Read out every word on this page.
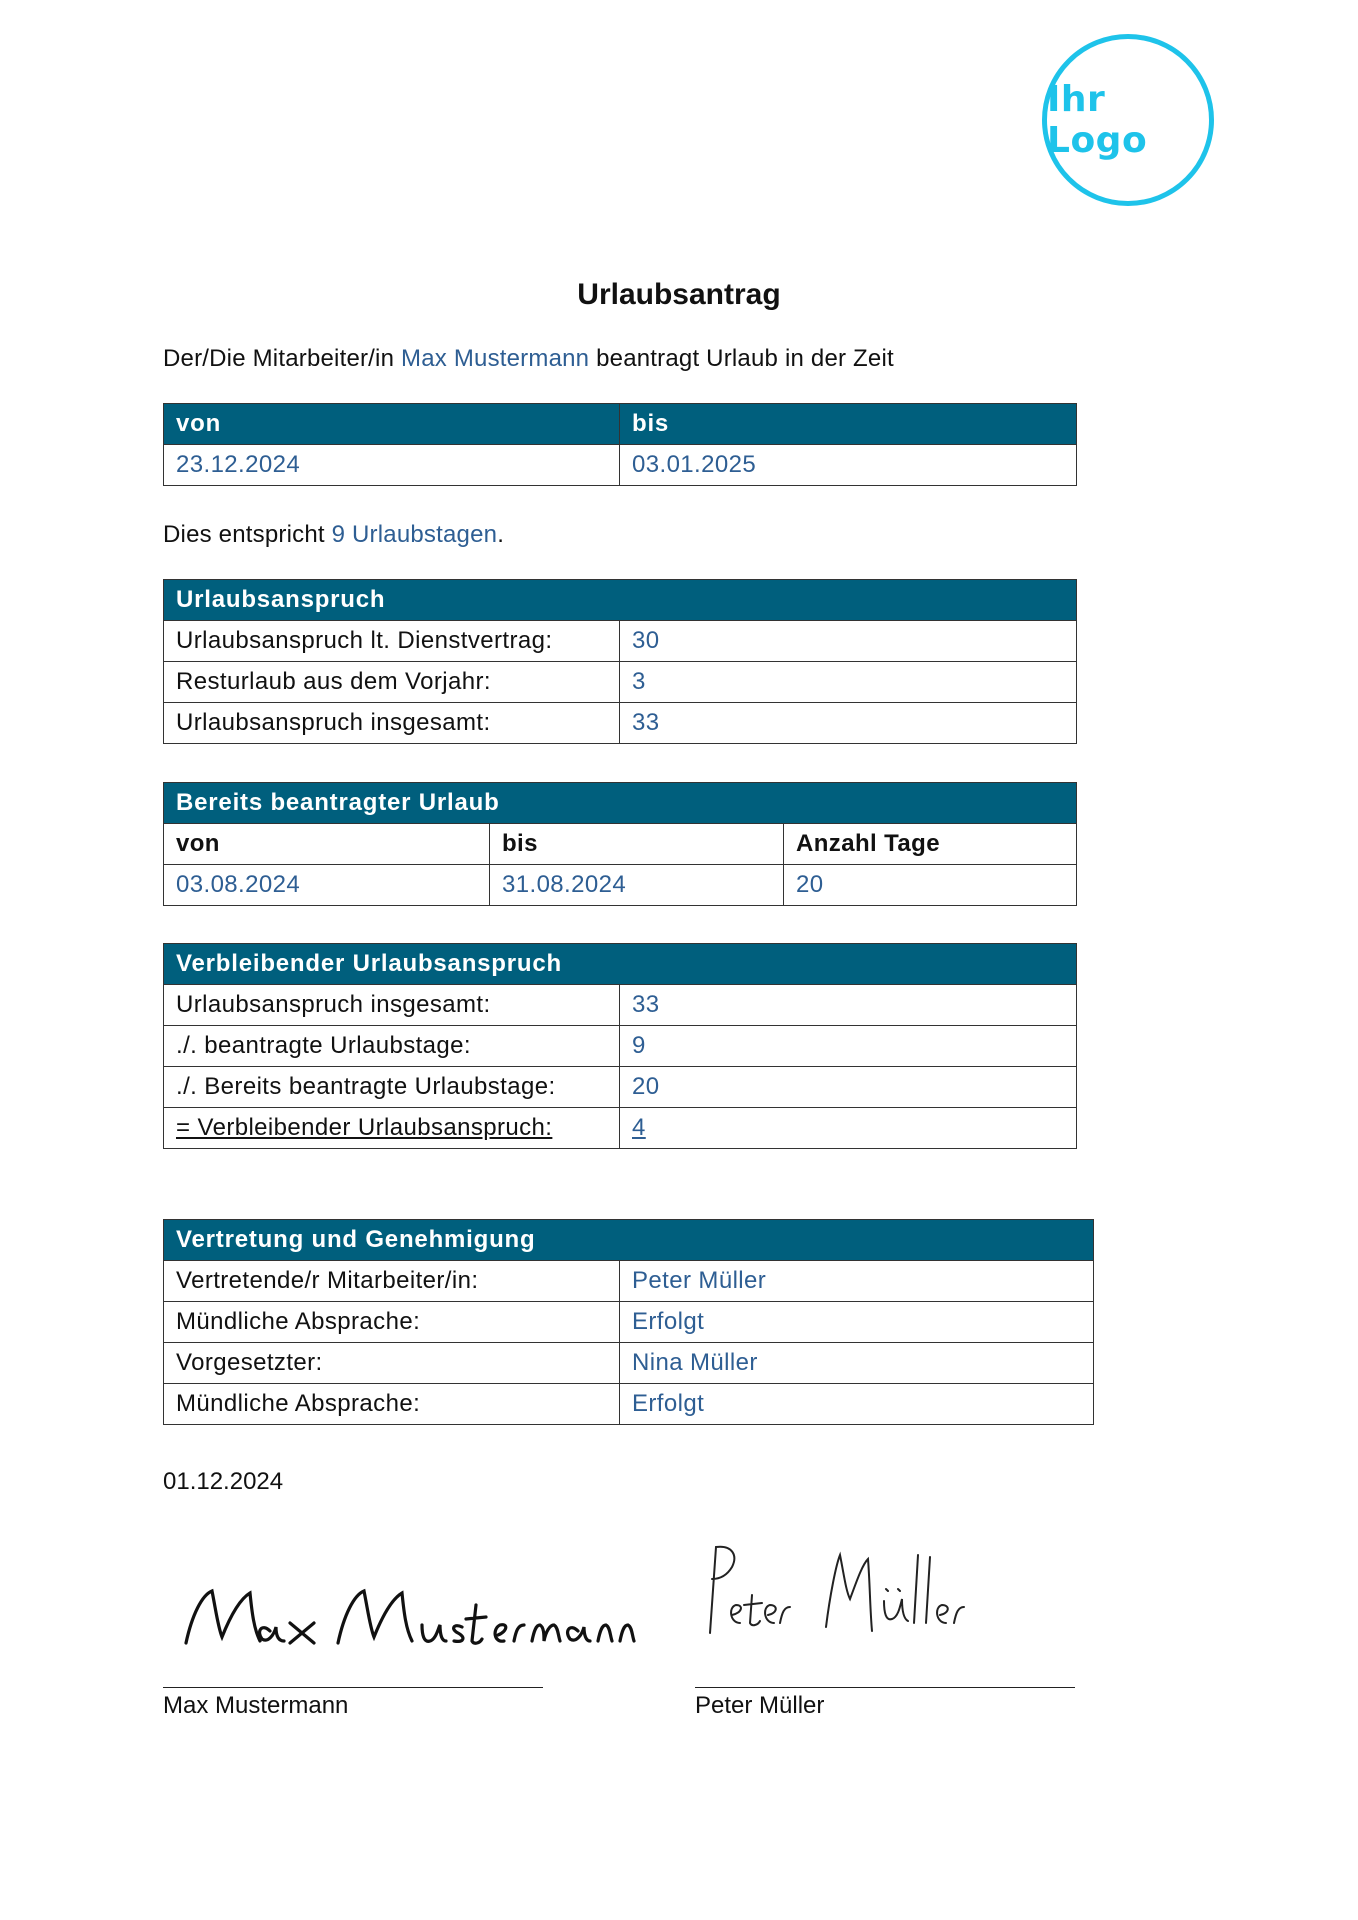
Ihr Logo
Urlaubsantrag
Der/Die Mitarbeiter/in Max Mustermann beantragt Urlaub in der Zeit
von	bis
23.12.2024	03.01.2025
Dies entspricht 9 Urlaubstagen.
Urlaubsanspruch	
Urlaubsanspruch lt. Dienstvertrag:	30
Resturlaub aus dem Vorjahr:	3
Urlaubsanspruch insgesamt:	33
Bereits beantragter Urlaub		
von	bis	Anzahl Tage
03.08.2024	31.08.2024	20
Verbleibender Urlaubsanspruch	
Urlaubsanspruch insgesamt:	33
./. beantragte Urlaubstage:	9
./. Bereits beantragte Urlaubstage:	20
= Verbleibender Urlaubsanspruch:	4
Vertretung und Genehmigung	
Vertretende/r Mitarbeiter/in:	Peter Müller
Mündliche Absprache:	Erfolgt
Vorgesetzter:	Nina Müller
Mündliche Absprache:	Erfolgt
01.12.2024
Max Mustermann	Peter Müller
